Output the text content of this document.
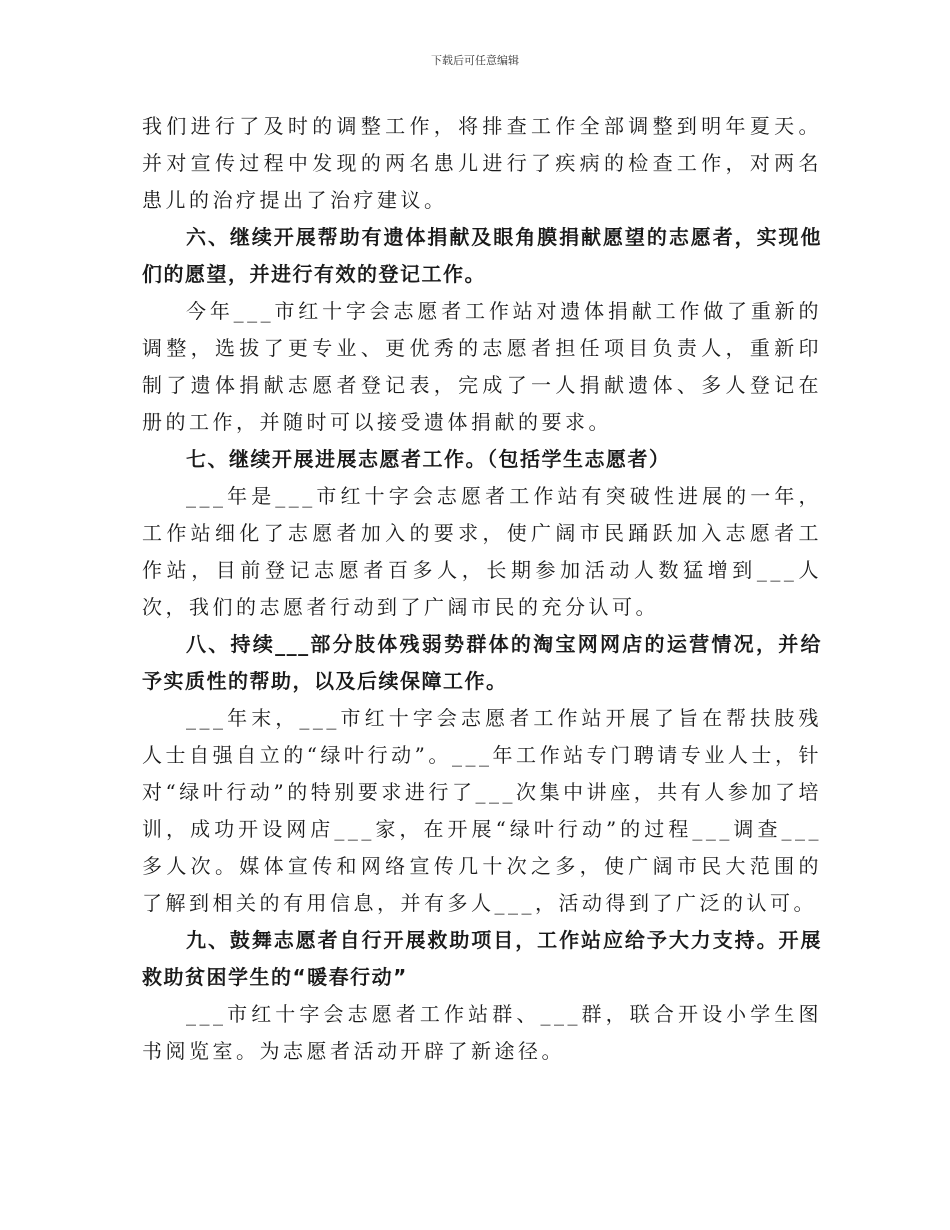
下载后可任意编辑

我们进行了及时的调整工作，将排查工作全部调整到明年夏天。并对宣传过程中发现的两名患儿进行了疾病的检查工作，对两名患儿的治疗提出了治疗建议。

六、继续开展帮助有遗体捐献及眼角膜捐献愿望的志愿者，实现他们的愿望，并进行有效的登记工作。

今年___市红十字会志愿者工作站对遗体捐献工作做了重新的调整，选拔了更专业、更优秀的志愿者担任项目负责人，重新印制了遗体捐献志愿者登记表，完成了一人捐献遗体、多人登记在册的工作，并随时可以接受遗体捐献的要求。

七、继续开展进展志愿者工作。（包括学生志愿者）

___年是___市红十字会志愿者工作站有突破性进展的一年，工作站细化了志愿者加入的要求，使广阔市民踊跃加入志愿者工作站，目前登记志愿者百多人，长期参加活动人数猛增到___人次，我们的志愿者行动到了广阔市民的充分认可。

八、持续___部分肢体残弱势群体的淘宝网网店的运营情况，并给予实质性的帮助，以及后续保障工作。

___年末，___市红十字会志愿者工作站开展了旨在帮扶肢残人士自强自立的“绿叶行动”。___年工作站专门聘请专业人士，针对“绿叶行动”的特别要求进行了___次集中讲座，共有人参加了培训，成功开设网店___家，在开展“绿叶行动”的过程___调查___多人次。媒体宣传和网络宣传几十次之多，使广阔市民大范围的了解到相关的有用信息，并有多人___，活动得到了广泛的认可。

九、鼓舞志愿者自行开展救助项目，工作站应给予大力支持。开展救助贫困学生的“暖春行动”

___市红十字会志愿者工作站群、___群，联合开设小学生图书阅览室。为志愿者活动开辟了新途径。
